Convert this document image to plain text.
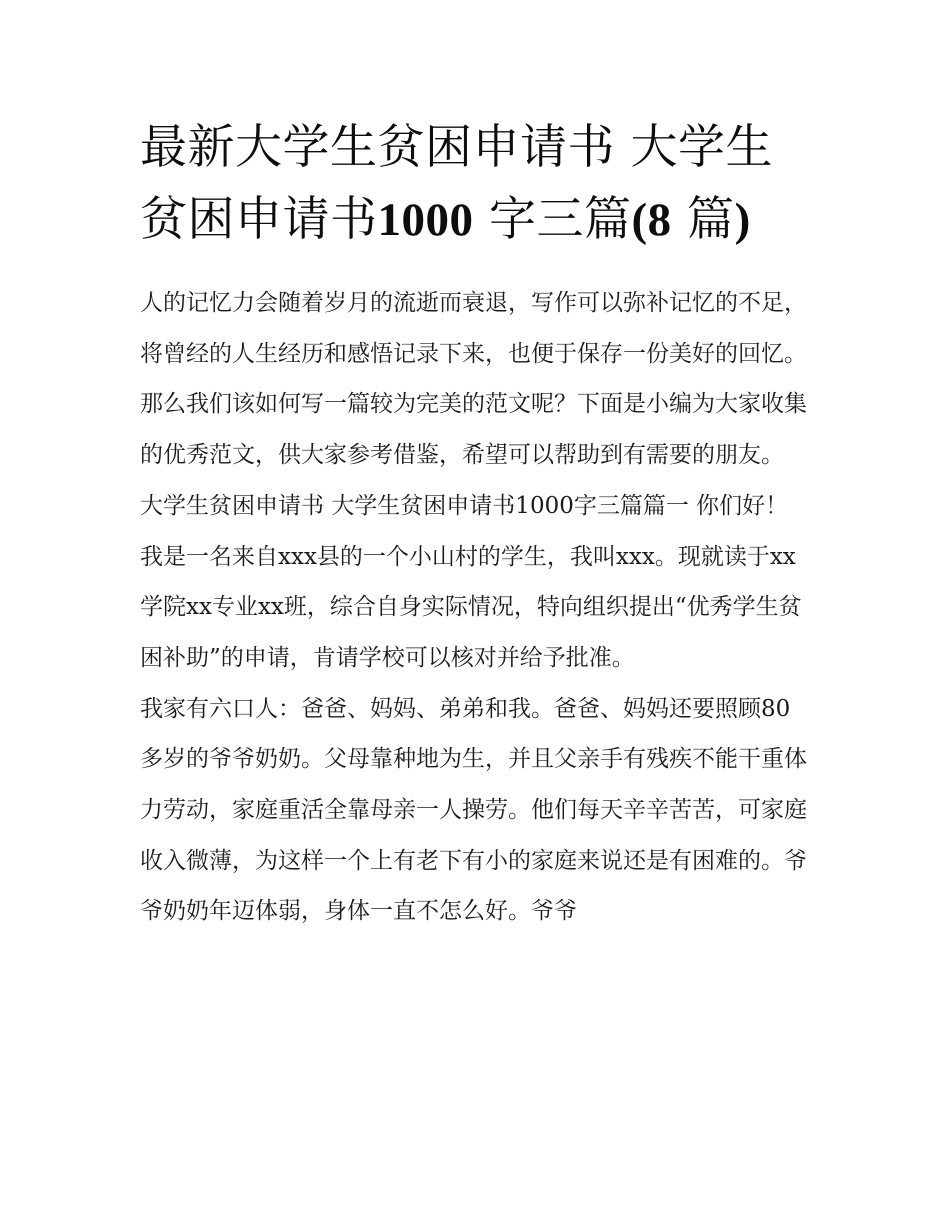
最新大学生贫困申请书 大学生贫困申请书1000 字三篇(8 篇)

人的记忆力会随着岁月的流逝而衰退，写作可以弥补记忆的不足，将曾经的人生经历和感悟记录下来，也便于保存一份美好的回忆。那么我们该如何写一篇较为完美的范文呢？下面是小编为大家收集的优秀范文，供大家参考借鉴，希望可以帮助到有需要的朋友。

大学生贫困申请书 大学生贫困申请书1000字三篇篇一 你们好！

我是一名来自xxx县的一个小山村的学生，我叫xxx。现就读于xx学院xx专业xx班，综合自身实际情况，特向组织提出“优秀学生贫困补助”的申请，肯请学校可以核对并给予批准。

我家有六口人：爸爸、妈妈、弟弟和我。爸爸、妈妈还要照顾80多岁的爷爷奶奶。父母靠种地为生，并且父亲手有残疾不能干重体力劳动，家庭重活全靠母亲一人操劳。他们每天辛辛苦苦，可家庭收入微薄，为这样一个上有老下有小的家庭来说还是有困难的。爷爷奶奶年迈体弱，身体一直不怎么好。爷爷
